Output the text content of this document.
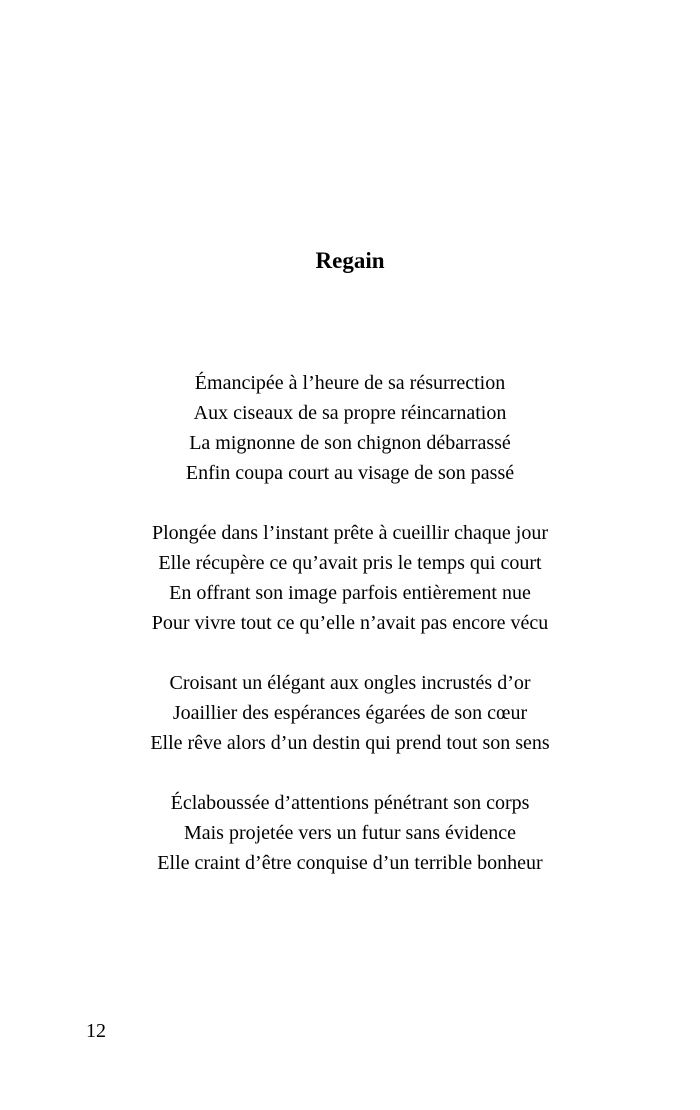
Regain
Émancipée à l’heure de sa résurrection
Aux ciseaux de sa propre réincarnation
La mignonne de son chignon débarrassé
Enfin coupa court au visage de son passé
Plongée dans l’instant prête à cueillir chaque jour
Elle récupère ce qu’avait pris le temps qui court
En offrant son image parfois entièrement nue
Pour vivre tout ce qu’elle n’avait pas encore vécu
Croisant un élégant aux ongles incrustés d’or
Joaillier des espérances égarées de son cœur
Elle rêve alors d’un destin qui prend tout son sens
Éclaboussée d’attentions pénétrant son corps
Mais projetée vers un futur sans évidence
Elle craint d’être conquise d’un terrible bonheur
12
